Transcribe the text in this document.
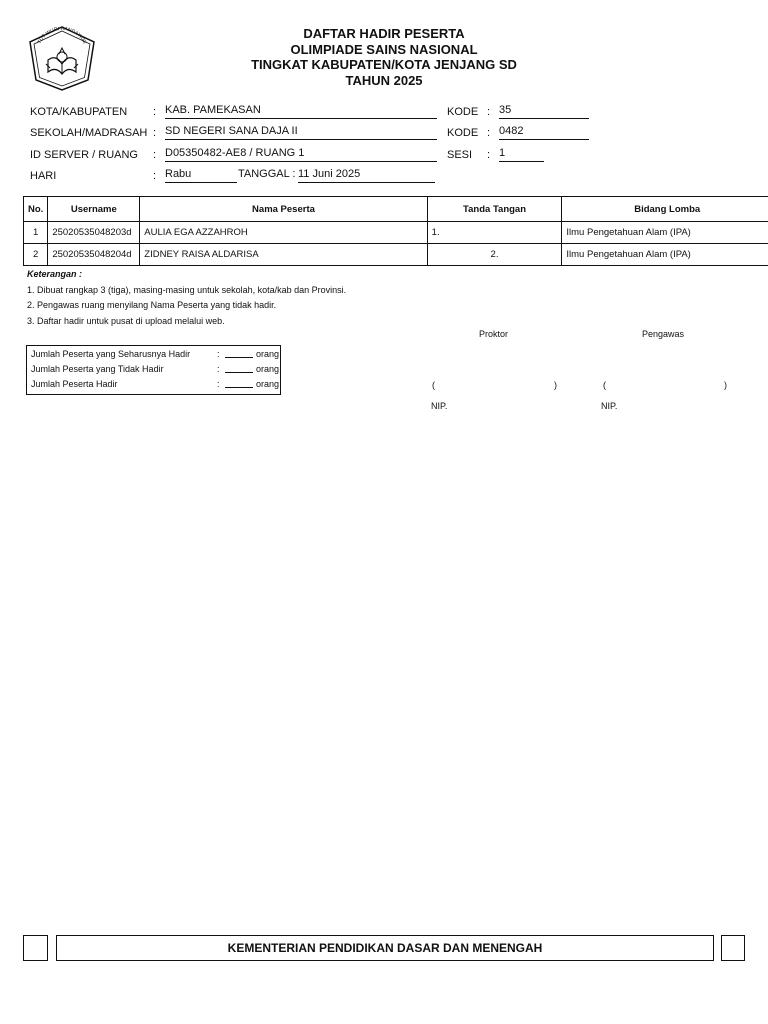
TUT WURI HANDAYANI
DAFTAR HADIR PESERTA
OLIMPIADE SAINS NASIONAL
TINGKAT KABUPATEN/KOTA JENJANG SD
TAHUN 2025
KOTA/KABUPATEN : KAB. PAMEKASAN
SEKOLAH/MADRASAH : SD NEGERI SANA DAJA II
ID SERVER / RUANG : D05350482-AE8 / RUANG 1
HARI	: Rabu	TANGGAL : 11 Juni 2025
KODE : 35
KODE : 0482
SESI : 1
No.	Username	Nama Peserta	Tanda Tangan	Bidang Lomba
1	25020535048203d	AULIA EGA AZZAHROH	1.	Ilmu Pengetahuan Alam (IPA)
2	25020535048204d	ZIDNEY RAISA ALDARISA	2.	Ilmu Pengetahuan Alam (IPA)
Keterangan :
1. Dibuat rangkap 3 (tiga), masing-masing untuk sekolah, kota/kab dan Provinsi.
2. Pengawas ruang menyilang Nama Peserta yang tidak hadir.
3. Daftar hadir untuk pusat di upload melalui web.
Jumlah Peserta yang Seharusnya Hadir	:	orang
Jumlah Peserta yang Tidak Hadir	:	orang
Jumlah Peserta Hadir	:	orang
Proktor	Pengawas
(	)	(	)
NIP.	NIP.
KEMENTERIAN PENDIDIKAN DASAR DAN MENENGAH
